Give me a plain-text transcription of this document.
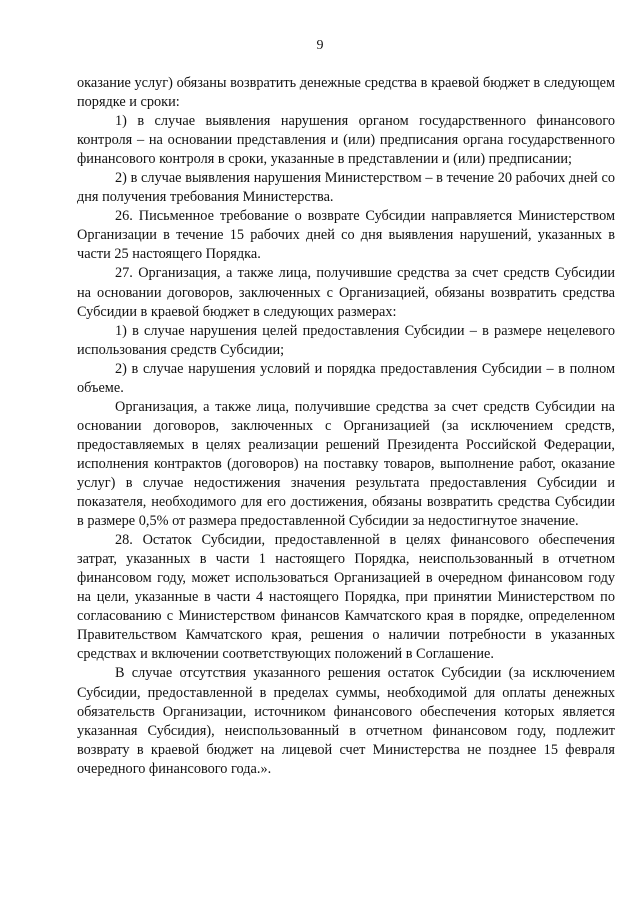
9

оказание услуг) обязаны возвратить денежные средства в краевой бюджет в следующем порядке и сроки:

1) в случае выявления нарушения органом государственного финансового контроля – на основании представления и (или) предписания органа государственного финансового контроля в сроки, указанные в представлении и (или) предписании;

2) в случае выявления нарушения Министерством – в течение 20 рабочих дней со дня получения требования Министерства.

26. Письменное требование о возврате Субсидии направляется Министерством Организации в течение 15 рабочих дней со дня выявления нарушений, указанных в части 25 настоящего Порядка.

27. Организация, а также лица, получившие средства за счет средств Субсидии на основании договоров, заключенных с Организацией, обязаны возвратить средства Субсидии в краевой бюджет в следующих размерах:

1) в случае нарушения целей предоставления Субсидии – в размере нецелевого использования средств Субсидии;

2) в случае нарушения условий и порядка предоставления Субсидии – в полном объеме.

Организация, а также лица, получившие средства за счет средств Субсидии на основании договоров, заключенных с Организацией (за исключением средств, предоставляемых в целях реализации решений Президента Российской Федерации, исполнения контрактов (договоров) на поставку товаров, выполнение работ, оказание услуг) в случае недостижения значения результата предоставления Субсидии и показателя, необходимого для его достижения, обязаны возвратить средства Субсидии в размере 0,5% от размера предоставленной Субсидии за недостигнутое значение.

28. Остаток Субсидии, предоставленной в целях финансового обеспечения затрат, указанных в части 1 настоящего Порядка, неиспользованный в отчетном финансовом году, может использоваться Организацией в очередном финансовом году на цели, указанные в части 4 настоящего Порядка, при принятии Министерством по согласованию с Министерством финансов Камчатского края в порядке, определенном Правительством Камчатского края, решения о наличии потребности в указанных средствах и включении соответствующих положений в Соглашение.

В случае отсутствия указанного решения остаток Субсидии (за исключением Субсидии, предоставленной в пределах суммы, необходимой для оплаты денежных обязательств Организации, источником финансового обеспечения которых является указанная Субсидия), неиспользованный в отчетном финансовом году, подлежит возврату в краевой бюджет на лицевой счет Министерства не позднее 15 февраля очередного финансового года.».
